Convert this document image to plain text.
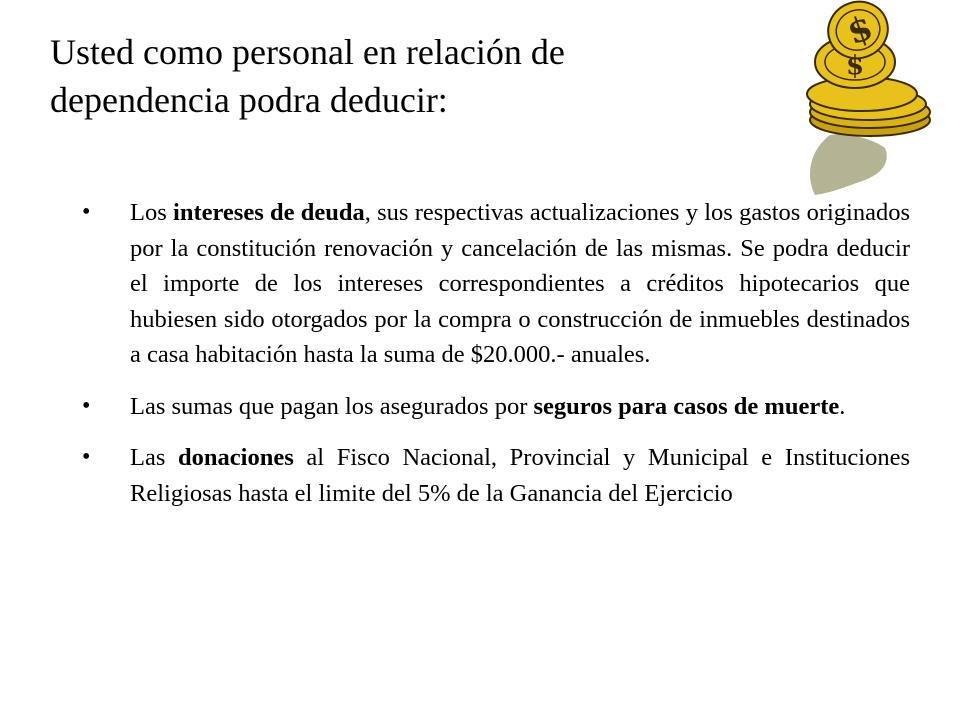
Usted como personal en relación de
dependencia podra deducir:
$
$
• Los intereses de deuda, sus respectivas actualizaciones y los gastos originados por la constitución renovación y cancelación de las mismas. Se podra deducir el importe de los intereses correspondientes a créditos hipotecarios que hubiesen sido otorgados por la compra o construcción de inmuebles destinados a casa habitación hasta la suma de $20.000.- anuales.
• Las sumas que pagan los asegurados por seguros para casos de muerte.
• Las donaciones al Fisco Nacional, Provincial y Municipal e Instituciones Religiosas hasta el limite del 5% de la Ganancia del Ejercicio
